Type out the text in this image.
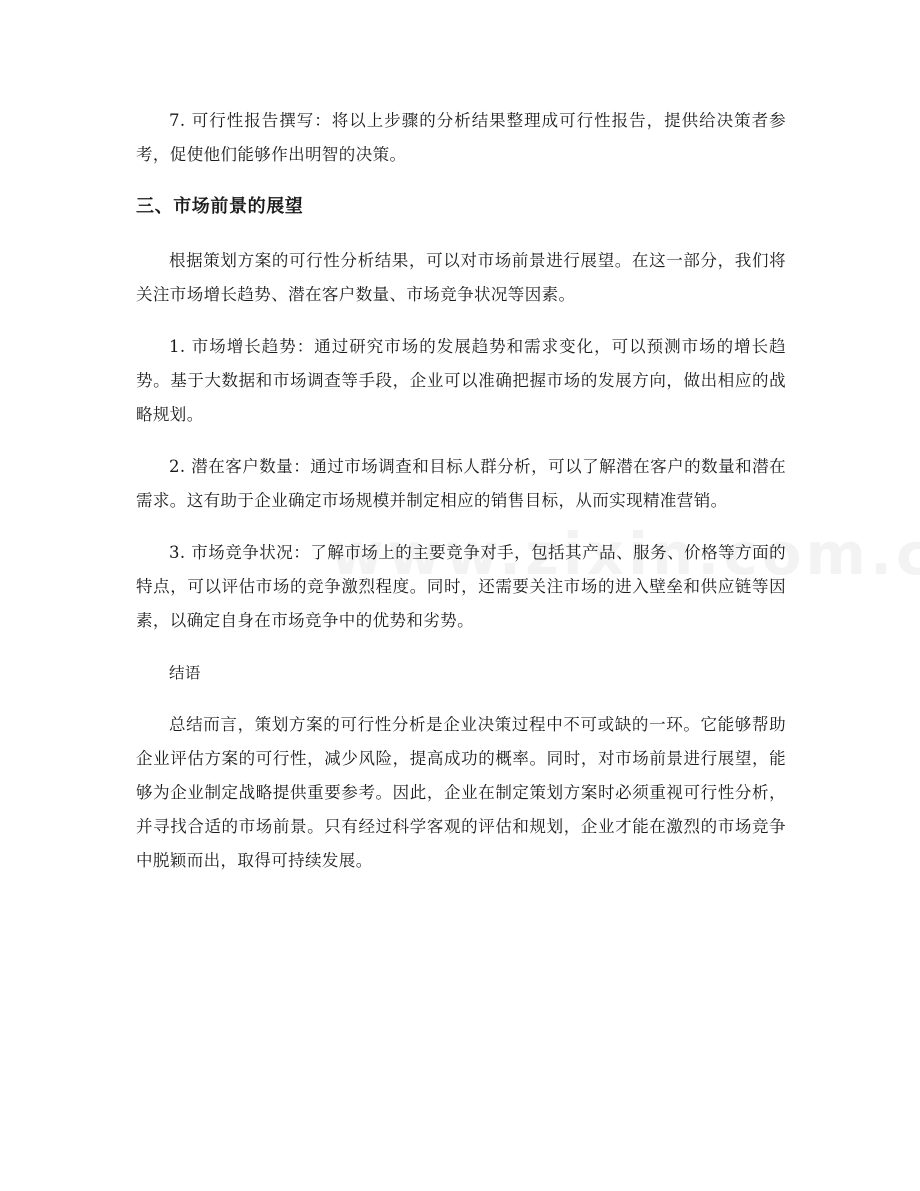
7. 可行性报告撰写：将以上步骤的分析结果整理成可行性报告，提供给决策者参考，促使他们能够作出明智的决策。

三、市场前景的展望

根据策划方案的可行性分析结果，可以对市场前景进行展望。在这一部分，我们将关注市场增长趋势、潜在客户数量、市场竞争状况等因素。

1. 市场增长趋势：通过研究市场的发展趋势和需求变化，可以预测市场的增长趋势。基于大数据和市场调查等手段，企业可以准确把握市场的发展方向，做出相应的战略规划。

2. 潜在客户数量：通过市场调查和目标人群分析，可以了解潜在客户的数量和潜在需求。这有助于企业确定市场规模并制定相应的销售目标，从而实现精准营销。

3. 市场竞争状况：了解市场上的主要竞争对手，包括其产品、服务、价格等方面的特点，可以评估市场的竞争激烈程度。同时，还需要关注市场的进入壁垒和供应链等因素，以确定自身在市场竞争中的优势和劣势。

结语

总结而言，策划方案的可行性分析是企业决策过程中不可或缺的一环。它能够帮助企业评估方案的可行性，减少风险，提高成功的概率。同时，对市场前景进行展望，能够为企业制定战略提供重要参考。因此，企业在制定策划方案时必须重视可行性分析，并寻找合适的市场前景。只有经过科学客观的评估和规划，企业才能在激烈的市场竞争中脱颖而出，取得可持续发展。
